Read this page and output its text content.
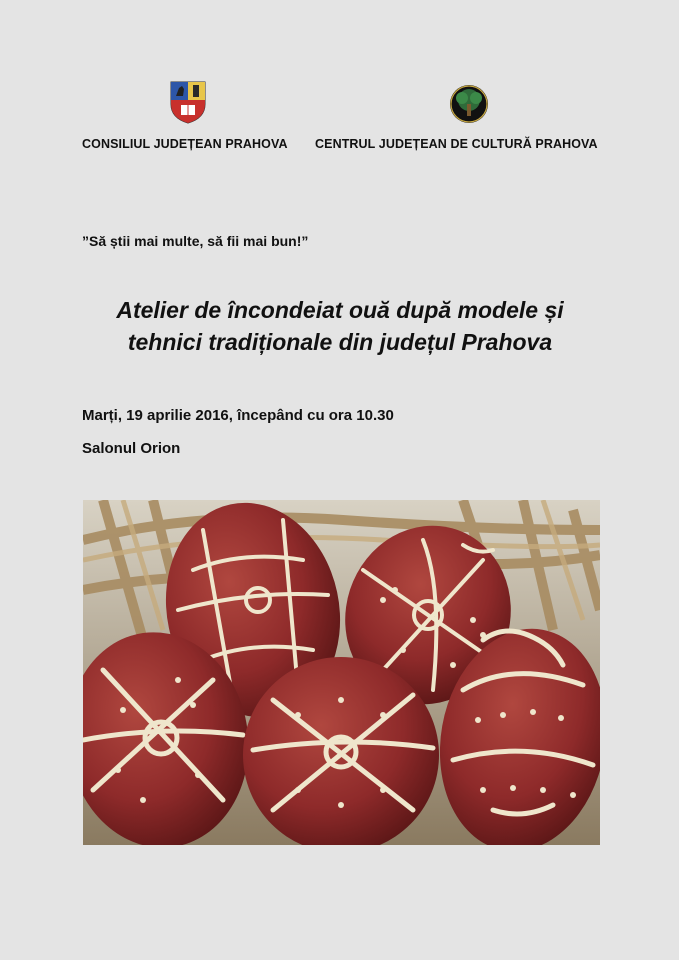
CONSILIUL JUDEȚEAN PRAHOVA CENTRUL JUDEȚEAN DE CULTURĂ PRAHOVA
”Să știi mai multe, să fii mai bun!”
Atelier de încondeiat ouă după modele și
tehnici tradiționale din județul Prahova
Marți, 19 aprilie 2016, începând cu ora 10.30
Salonul Orion
